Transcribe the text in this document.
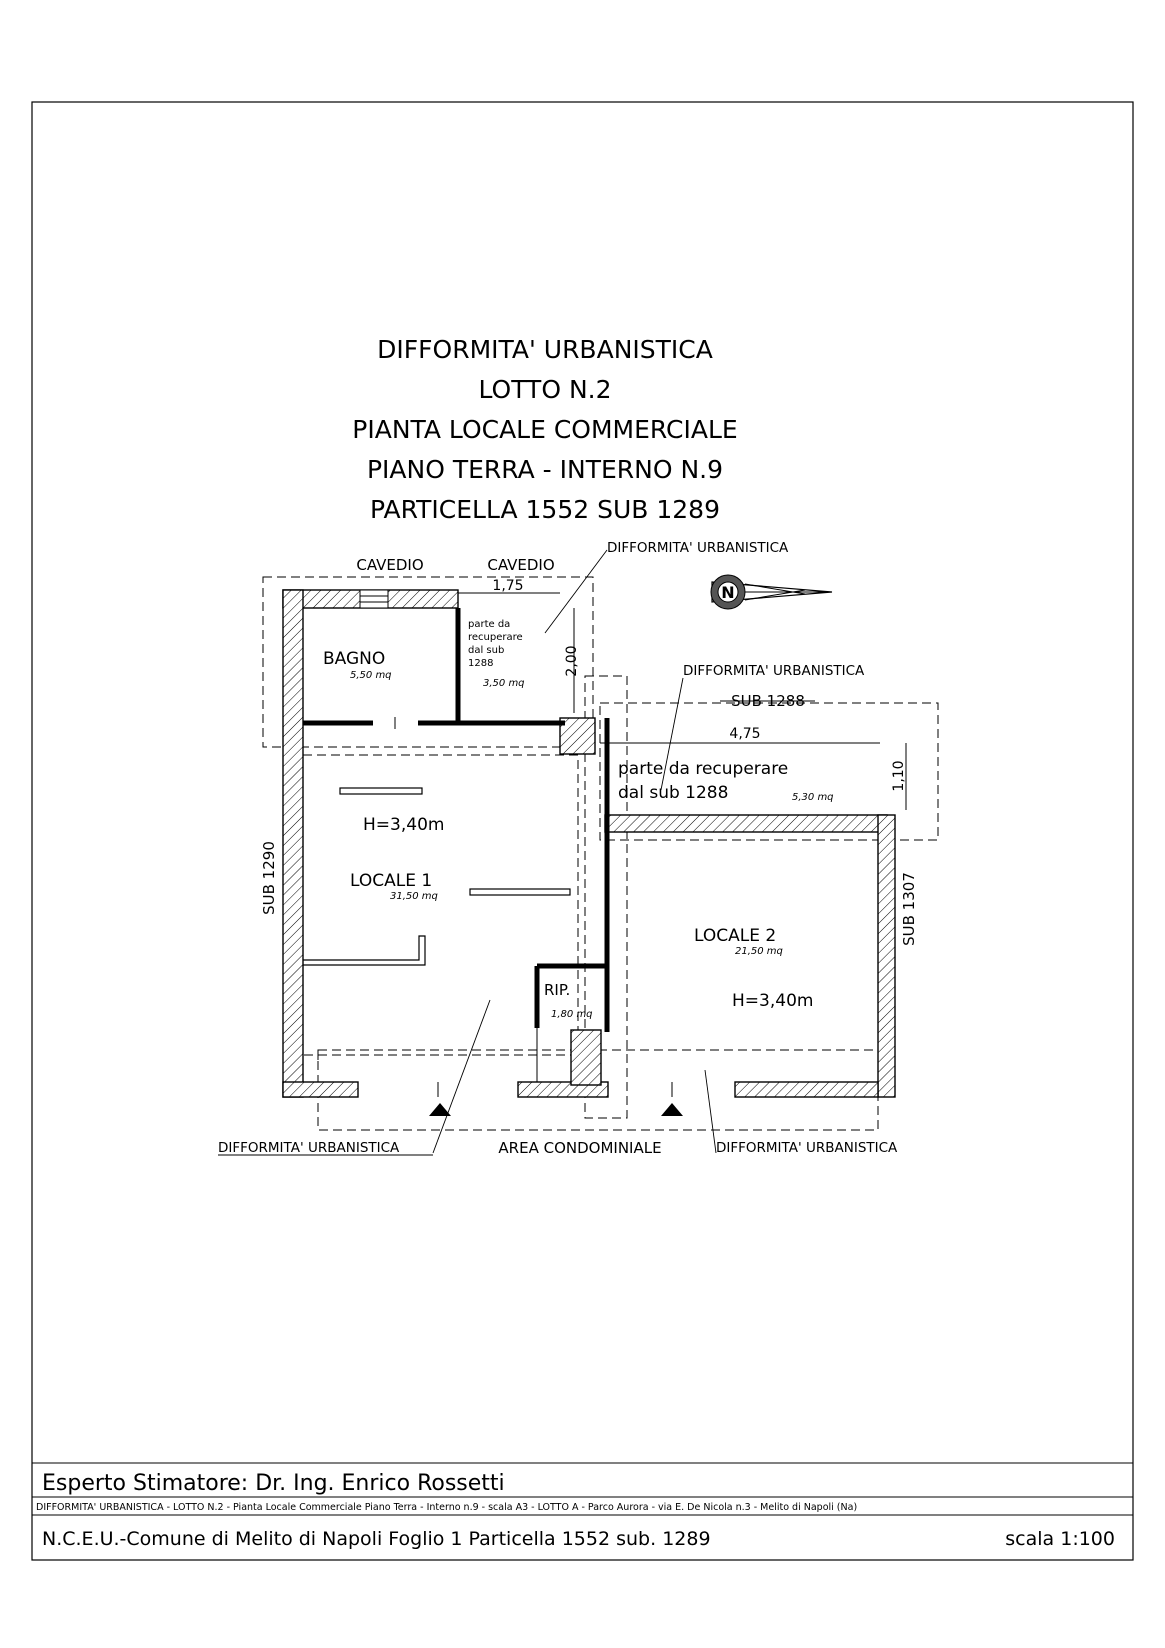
DIFFORMITA' URBANISTICA
LOTTO N.2
PIANTA LOCALE COMMERCIALE
PIANO TERRA - INTERNO N.9
PARTICELLA 1552 SUB 1289
N
1,75
2,00
4,75
1,10
CAVEDIO	CAVEDIO
DIFFORMITA' URBANISTICA
DIFFORMITA' URBANISTICA
parte da
recuperare
dal sub
1288
3,50 mq
BAGNO
5,50 mq
SUB 1288
parte da recuperare
dal sub 1288	5,30 mq
H=3,40m
LOCALE 1
31,50 mq
LOCALE 2
21,50 mq
H=3,40m
RIP.
1,80 mq
SUB 1290	SUB 1307
DIFFORMITA' URBANISTICA	AREA CONDOMINIALE	DIFFORMITA' URBANISTICA
Esperto Stimatore: Dr. Ing. Enrico Rossetti
DIFFORMITA' URBANISTICA - LOTTO N.2 - Pianta Locale Commerciale Piano Terra - Interno n.9 - scala A3 - LOTTO A - Parco Aurora - via E. De Nicola n.3 - Melito di Napoli (Na)
N.C.E.U.-Comune di Melito di Napoli Foglio 1 Particella 1552 sub. 1289	scala 1:100
